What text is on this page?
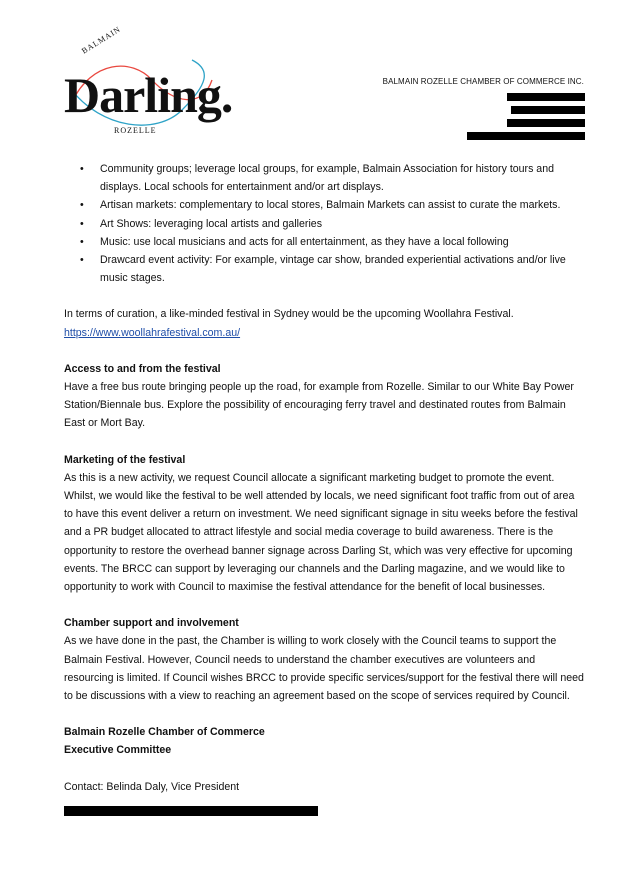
BALMAIN
Darling.
ROZELLE
BALMAIN ROZELLE CHAMBER OF COMMERCE INC.
• Community groups; leverage local groups, for example, Balmain Association for history tours and displays. Local schools for entertainment and/or art displays.
• Artisan markets: complementary to local stores, Balmain Markets can assist to curate the markets.
• Art Shows: leveraging local artists and galleries
• Music: use local musicians and acts for all entertainment, as they have a local following
• Drawcard event activity: For example, vintage car show, branded experiential activations and/or live music stages.

In terms of curation, a like-minded festival in Sydney would be the upcoming Woollahra Festival.
https://www.woollahrafestival.com.au/

Access to and from the festival

Have a free bus route bringing people up the road, for example from Rozelle. Similar to our White Bay Power Station/Biennale bus. Explore the possibility of encouraging ferry travel and destinated routes from Balmain East or Mort Bay.

Marketing of the festival

As this is a new activity, we request Council allocate a significant marketing budget to promote the event. Whilst, we would like the festival to be well attended by locals, we need significant foot traffic from out of area to have this event deliver a return on investment. We need significant signage in situ weeks before the festival and a PR budget allocated to attract lifestyle and social media coverage to build awareness. There is the opportunity to restore the overhead banner signage across Darling St, which was very effective for upcoming events. The BRCC can support by leveraging our channels and the Darling magazine, and we would like to opportunity to work with Council to maximise the festival attendance for the benefit of local businesses.

Chamber support and involvement

As we have done in the past, the Chamber is willing to work closely with the Council teams to support the Balmain Festival. However, Council needs to understand the chamber executives are volunteers and resourcing is limited. If Council wishes BRCC to provide specific services/support for the festival there will need to be discussions with a view to reaching an agreement based on the scope of services required by Council.

Balmain Rozelle Chamber of Commerce

Executive Committee

Contact: Belinda Daly, Vice President
